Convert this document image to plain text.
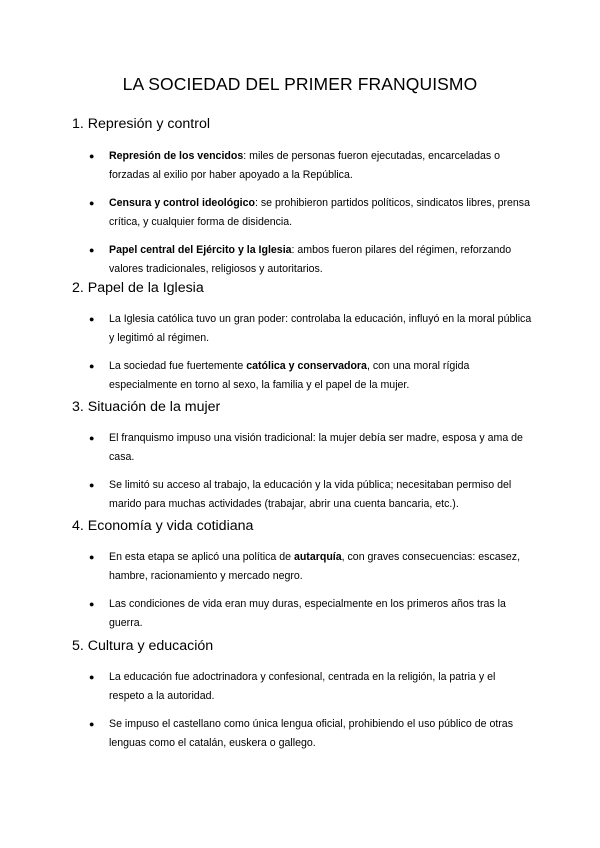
LA SOCIEDAD DEL PRIMER FRANQUISMO
1. Represión y control
● Represión de los vencidos: miles de personas fueron ejecutadas, encarceladas o forzadas al exilio por haber apoyado a la República.
● Censura y control ideológico: se prohibieron partidos políticos, sindicatos libres, prensa crítica, y cualquier forma de disidencia.
● Papel central del Ejército y la Iglesia: ambos fueron pilares del régimen, reforzando valores tradicionales, religiosos y autoritarios.
2. Papel de la Iglesia
● La Iglesia católica tuvo un gran poder: controlaba la educación, influyó en la moral pública y legitimó al régimen.
● La sociedad fue fuertemente católica y conservadora, con una moral rígida especialmente en torno al sexo, la familia y el papel de la mujer.
3. Situación de la mujer
● El franquismo impuso una visión tradicional: la mujer debía ser madre, esposa y ama de casa.
● Se limitó su acceso al trabajo, la educación y la vida pública; necesitaban permiso del marido para muchas actividades (trabajar, abrir una cuenta bancaria, etc.).
4. Economía y vida cotidiana
● En esta etapa se aplicó una política de autarquía, con graves consecuencias: escasez, hambre, racionamiento y mercado negro.
● Las condiciones de vida eran muy duras, especialmente en los primeros años tras la guerra.
5. Cultura y educación
● La educación fue adoctrinadora y confesional, centrada en la religión, la patria y el respeto a la autoridad.
● Se impuso el castellano como única lengua oficial, prohibiendo el uso público de otras lenguas como el catalán, euskera o gallego.
